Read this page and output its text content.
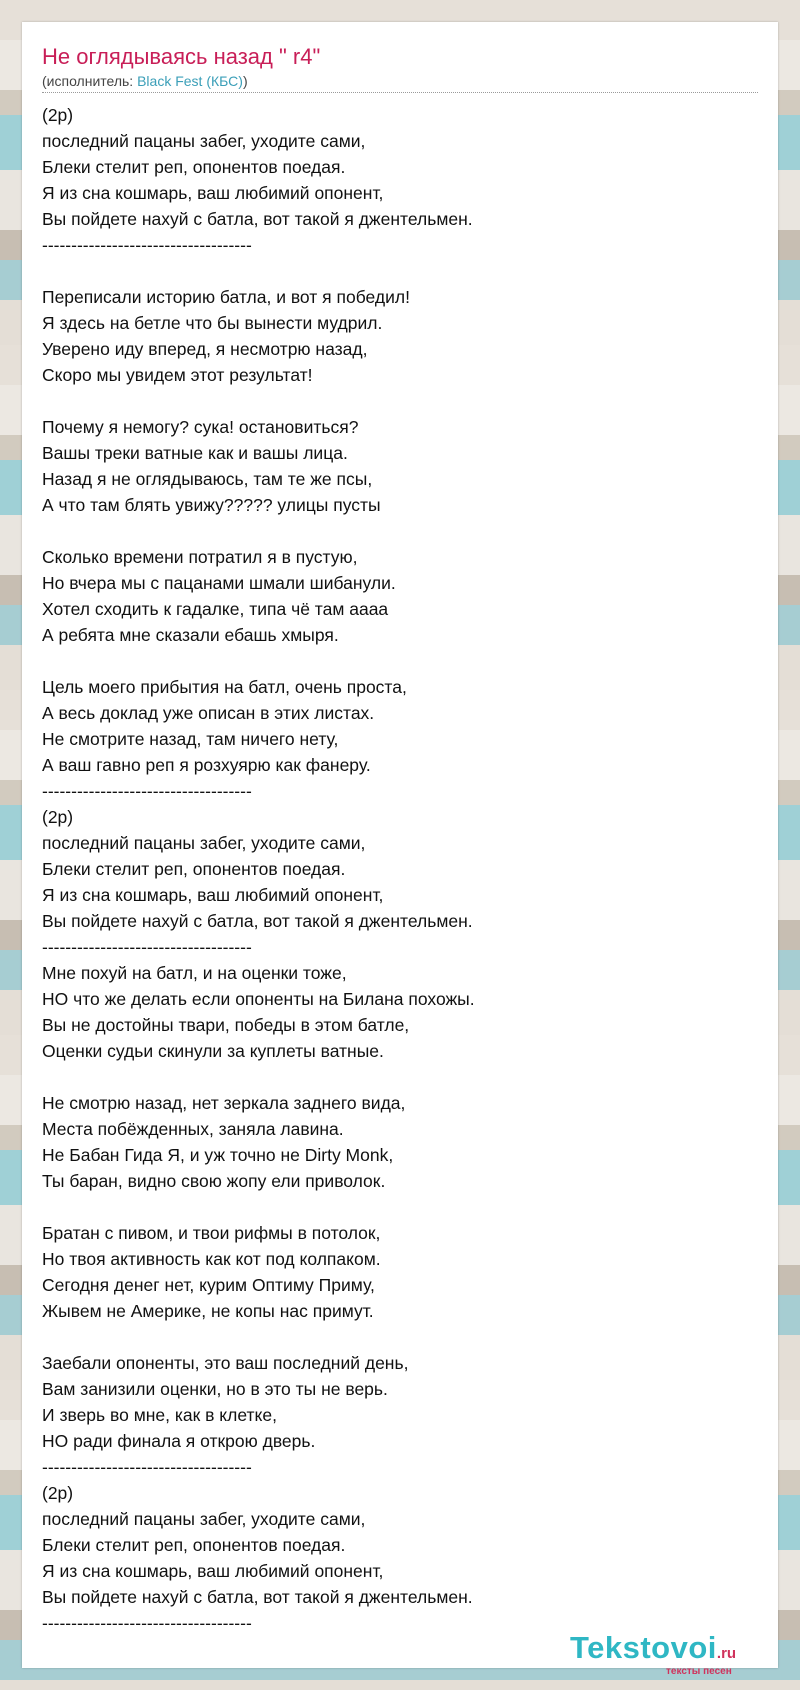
Не оглядываясь назад " r4"
(исполнитель: Black Fest (КБС))
(2р)
последний пацаны забег, уходите сами,
Блеки стелит реп, опонентов поедая.
Я из сна кошмарь, ваш любимий опонент,
Вы пойдете нахуй с батла, вот такой я джентельмен.
------------------------------------
Переписали историю батла, и вот я победил!
Я здесь на бетле что бы вынести мудрил.
Уверено иду вперед, я несмотрю назад,
Скоро мы увидем этот результат!
Почему я немогу? сука! остановиться?
Вашы треки ватные как и вашы лица.
Назад я не оглядываюсь, там те же псы,
А что там блять увижу????? улицы пусты
Сколько времени потратил я в пустую,
Но вчера мы с пацанами шмали шибанули.
Хотел сходить к гадалке, типа чё там аааа
А ребята мне сказали ебашь хмыря.
Цель моего прибытия на батл, очень проста,
А весь доклад уже описан в этих листах.
Не смотрите назад, там ничего нету,
А ваш гавно реп я розхуярю как фанеру.
------------------------------------
(2р)
последний пацаны забег, уходите сами,
Блеки стелит реп, опонентов поедая.
Я из сна кошмарь, ваш любимий опонент,
Вы пойдете нахуй с батла, вот такой я джентельмен.
------------------------------------
Мне похуй на батл, и на оценки тоже,
НО что же делать если опоненты на Билана похожы.
Вы не достойны твари, победы в этом батле,
Оценки судьи скинули за куплеты ватные.
Не смотрю назад, нет зеркала заднего вида,
Места побёжденных, заняла лавина.
Не Бабан Гида Я, и уж точно не Dirty Monk,
Ты баран, видно свою жопу ели приволок.
Братан с пивом, и твои рифмы в потолок,
Но твоя активность как кот под колпаком.
Сегодня денег нет, курим Оптиму Приму,
Жывем не Америке, не копы нас примут.
Заебали опоненты, это ваш последний день,
Вам занизили оценки, но в это ты не верь.
И зверь во мне, как в клетке,
НО ради финала я открою дверь.
------------------------------------
(2р)
последний пацаны забег, уходите сами,
Блеки стелит реп, опонентов поедая.
Я из сна кошмарь, ваш любимий опонент,
Вы пойдете нахуй с батла, вот такой я джентельмен.
------------------------------------
Tekstovoi.ru
тексты песен
